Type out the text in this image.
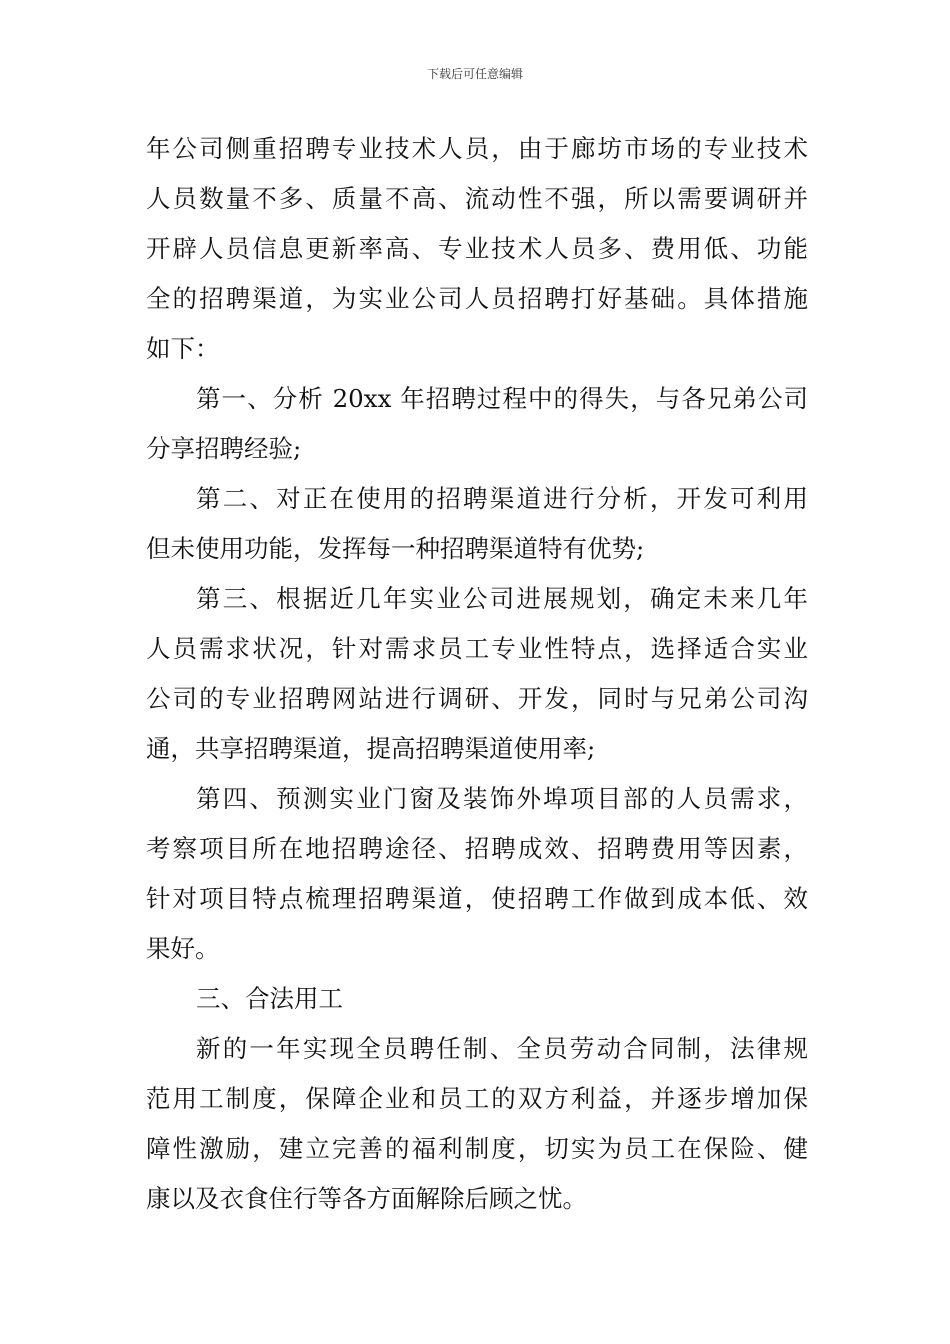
下载后可任意编辑
年公司侧重招聘专业技术人员，由于廊坊市场的专业技术
人员数量不多、质量不高、流动性不强，所以需要调研并
开辟人员信息更新率高、专业技术人员多、费用低、功能
全的招聘渠道，为实业公司人员招聘打好基础。具体措施
如下：
第一、分析 20xx 年招聘过程中的得失，与各兄弟公司
分享招聘经验;
第二、对正在使用的招聘渠道进行分析，开发可利用
但未使用功能，发挥每一种招聘渠道特有优势;
第三、根据近几年实业公司进展规划，确定未来几年
人员需求状况，针对需求员工专业性特点，选择适合实业
公司的专业招聘网站进行调研、开发，同时与兄弟公司沟
通，共享招聘渠道，提高招聘渠道使用率;
第四、预测实业门窗及装饰外埠项目部的人员需求，
考察项目所在地招聘途径、招聘成效、招聘费用等因素，
针对项目特点梳理招聘渠道，使招聘工作做到成本低、效
果好。
三、合法用工
新的一年实现全员聘任制、全员劳动合同制，法律规
范用工制度，保障企业和员工的双方利益，并逐步增加保
障性激励，建立完善的福利制度，切实为员工在保险、健
康以及衣食住行等各方面解除后顾之忧。
